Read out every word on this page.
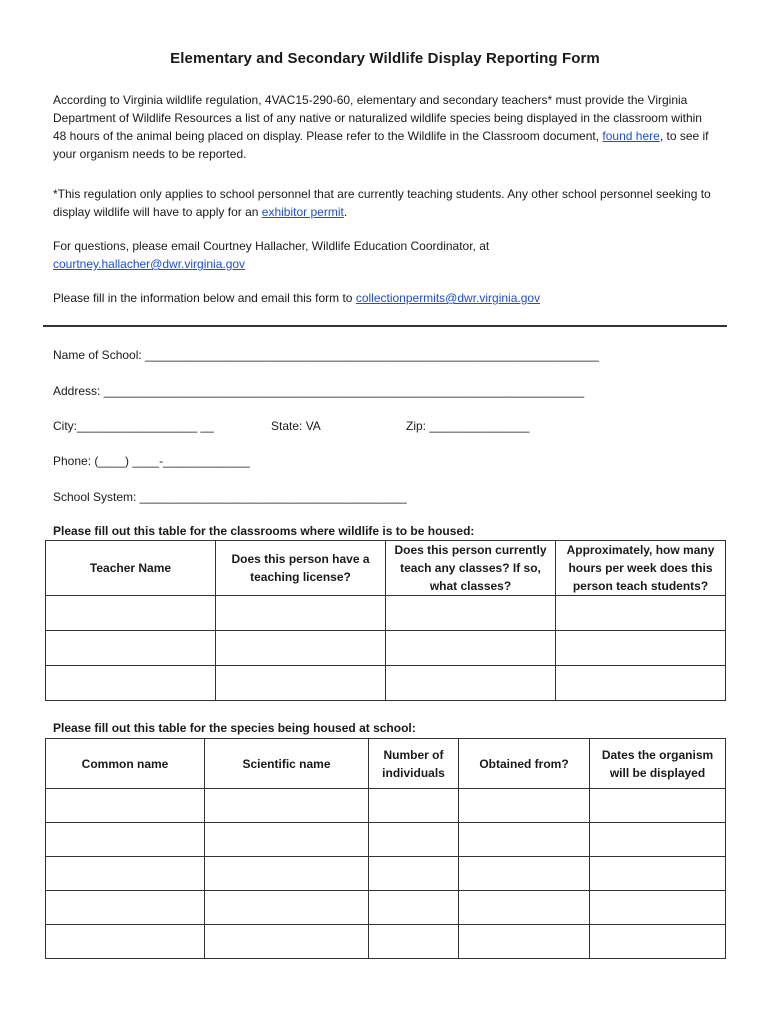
Elementary and Secondary Wildlife Display Reporting Form
According to Virginia wildlife regulation, 4VAC15-290-60, elementary and secondary teachers* must provide the Virginia Department of Wildlife Resources a list of any native or naturalized wildlife species being displayed in the classroom within 48 hours of the animal being placed on display. Please refer to the Wildlife in the Classroom document, found here, to see if your organism needs to be reported.
*This regulation only applies to school personnel that are currently teaching students. Any other school personnel seeking to display wildlife will have to apply for an exhibitor permit.
For questions, please email Courtney Hallacher, Wildlife Education Coordinator, at
courtney.hallacher@dwr.virginia.gov
Please fill in the information below and email this form to collectionpermits@dwr.virginia.gov
Name of School: ____________________________________________________________________
Address: ________________________________________________________________________
City:__________________ __	State: VA	Zip: _______________
Phone: (____) ____-_____________
School System: ________________________________________
Please fill out this table for the classrooms where wildlife is to be housed:
Teacher Name	Does this person have a teaching license?	Does this person currently teach any classes? If so, what classes?	Approximately, how many hours per week does this person teach students?

Please fill out this table for the species being housed at school:
Common name	Scientific name	Number of individuals	Obtained from?	Dates the organism will be displayed
